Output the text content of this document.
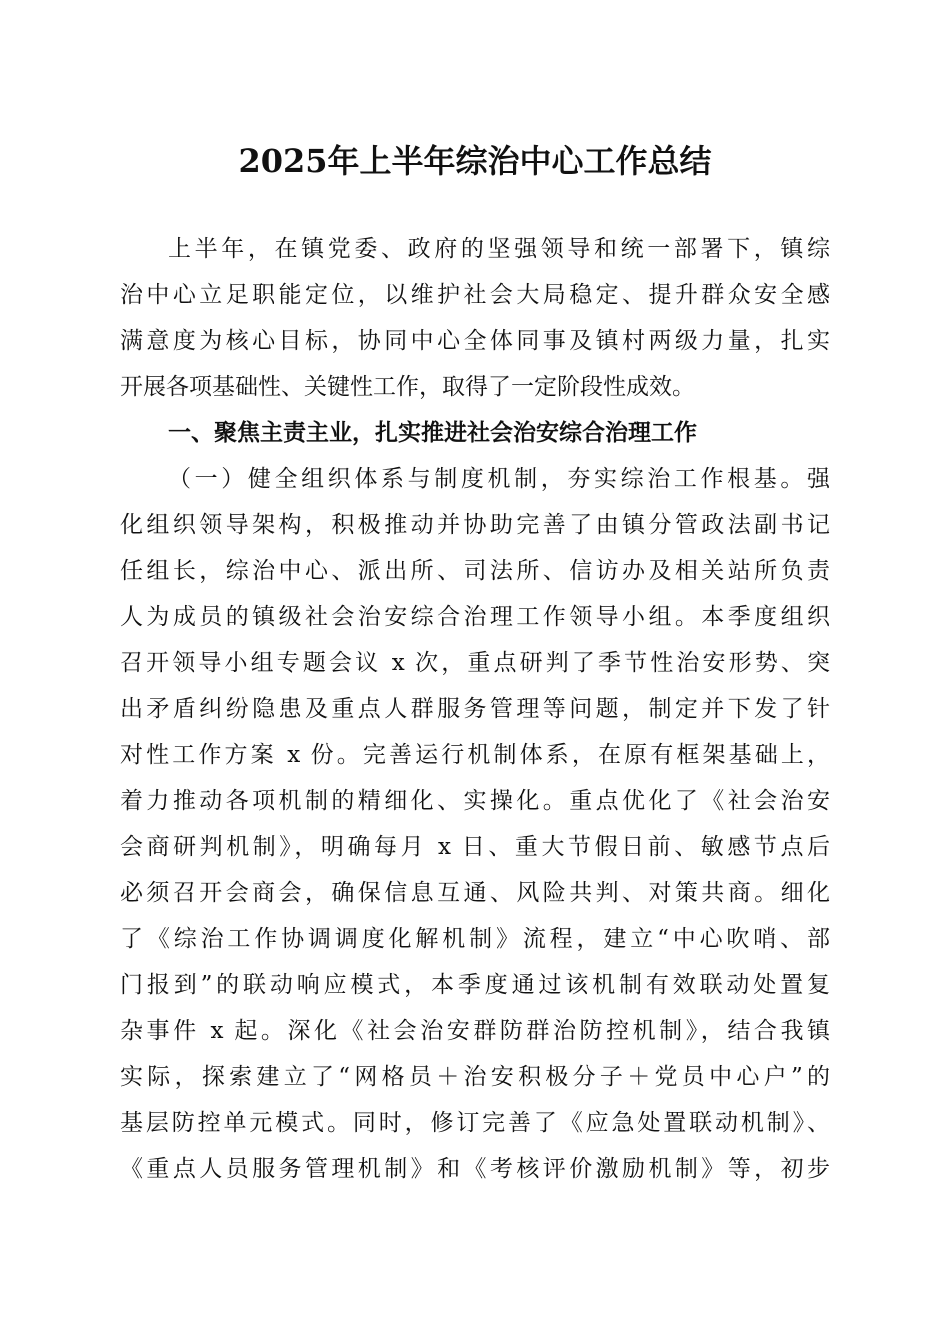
2025年上半年综治中心工作总结
上半年，在镇党委、政府的坚强领导和统一部署下，镇综
治中心立足职能定位，以维护社会大局稳定、提升群众安全感
满意度为核心目标，协同中心全体同事及镇村两级力量，扎实
开展各项基础性、关键性工作，取得了一定阶段性成效。
一、聚焦主责主业，扎实推进社会治安综合治理工作
（一）健全组织体系与制度机制，夯实综治工作根基。强
化组织领导架构，积极推动并协助完善了由镇分管政法副书记
任组长，综治中心、派出所、司法所、信访办及相关站所负责
人为成员的镇级社会治安综合治理工作领导小组。本季度组织
召开领导小组专题会议 x 次，重点研判了季节性治安形势、突
出矛盾纠纷隐患及重点人群服务管理等问题，制定并下发了针
对性工作方案 x 份。完善运行机制体系，在原有框架基础上，
着力推动各项机制的精细化、实操化。重点优化了《社会治安
会商研判机制》，明确每月 x 日、重大节假日前、敏感节点后
必须召开会商会，确保信息互通、风险共判、对策共商。细化
了《综治工作协调调度化解机制》流程，建立“中心吹哨、部
门报到”的联动响应模式，本季度通过该机制有效联动处置复
杂事件 x 起。深化《社会治安群防群治防控机制》，结合我镇
实际，探索建立了“网格员＋治安积极分子＋党员中心户”的
基层防控单元模式。同时，修订完善了《应急处置联动机制》、
《重点人员服务管理机制》和《考核评价激励机制》等，初步
